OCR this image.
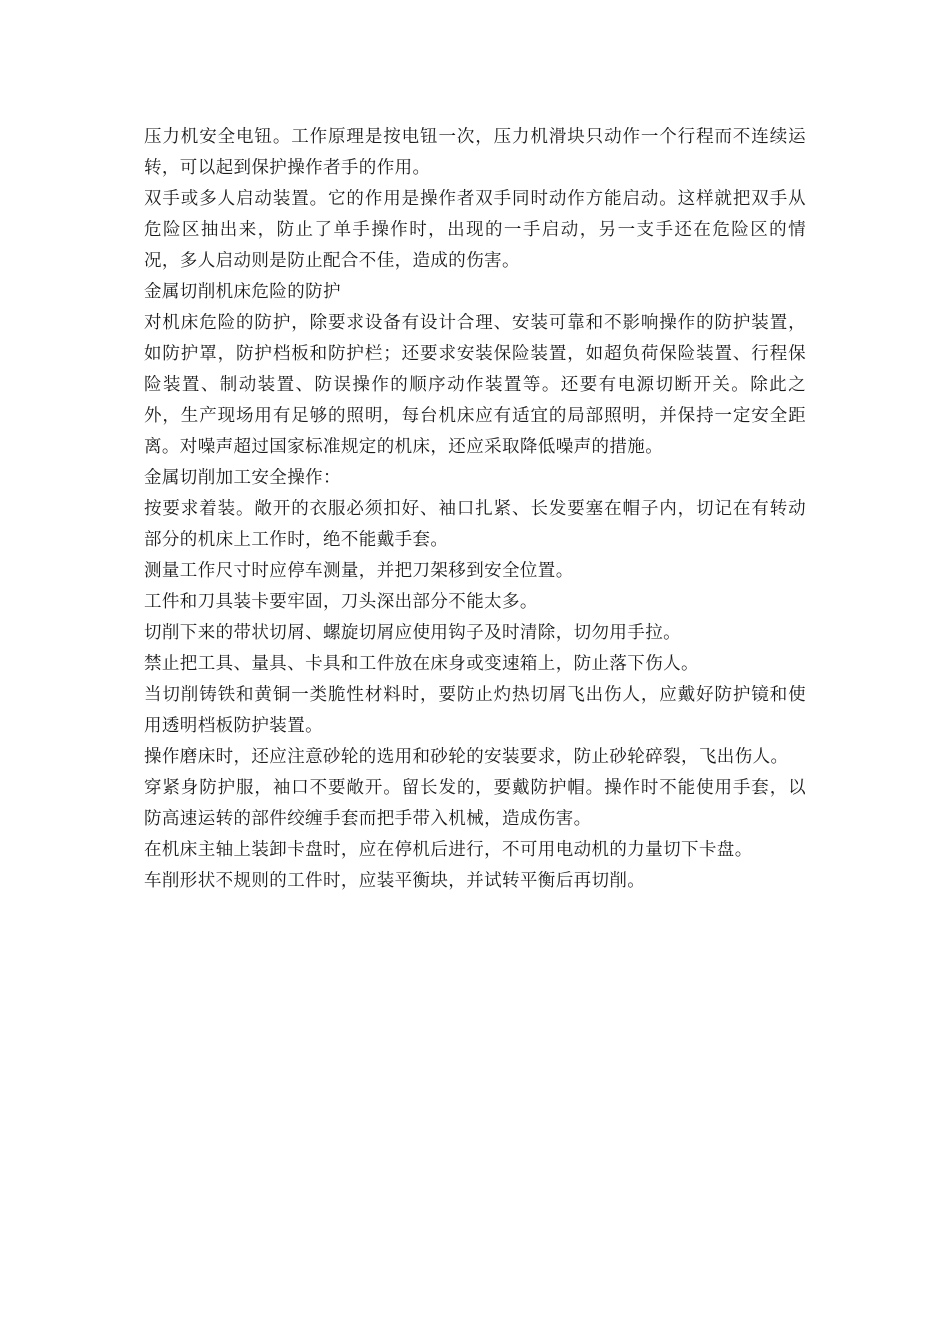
压力机安全电钮。工作原理是按电钮一次，压力机滑块只动作一个行程而不连续运转，可以起到保护操作者手的作用。

双手或多人启动装置。它的作用是操作者双手同时动作方能启动。这样就把双手从危险区抽出来，防止了单手操作时，出现的一手启动，另一支手还在危险区的情况，多人启动则是防止配合不佳，造成的伤害。

金属切削机床危险的防护

对机床危险的防护，除要求设备有设计合理、安装可靠和不影响操作的防护装置，如防护罩，防护档板和防护栏；还要求安装保险装置，如超负荷保险装置、行程保险装置、制动装置、防误操作的顺序动作装置等。还要有电源切断开关。除此之外，生产现场用有足够的照明，每台机床应有适宜的局部照明，并保持一定安全距离。对噪声超过国家标准规定的机床，还应采取降低噪声的措施。

金属切削加工安全操作：

按要求着装。敞开的衣服必须扣好、袖口扎紧、长发要塞在帽子内，切记在有转动部分的机床上工作时，绝不能戴手套。

测量工作尺寸时应停车测量，并把刀架移到安全位置。

工件和刀具装卡要牢固，刀头深出部分不能太多。

切削下来的带状切屑、螺旋切屑应使用钩子及时清除，切勿用手拉。

禁止把工具、量具、卡具和工件放在床身或变速箱上，防止落下伤人。

当切削铸铁和黄铜一类脆性材料时，要防止灼热切屑飞出伤人，应戴好防护镜和使用透明档板防护装置。

操作磨床时，还应注意砂轮的选用和砂轮的安装要求，防止砂轮碎裂，飞出伤人。

穿紧身防护服，袖口不要敞开。留长发的，要戴防护帽。操作时不能使用手套，以防高速运转的部件绞缠手套而把手带入机械，造成伤害。

在机床主轴上装卸卡盘时，应在停机后进行，不可用电动机的力量切下卡盘。

车削形状不规则的工件时，应装平衡块，并试转平衡后再切削。
